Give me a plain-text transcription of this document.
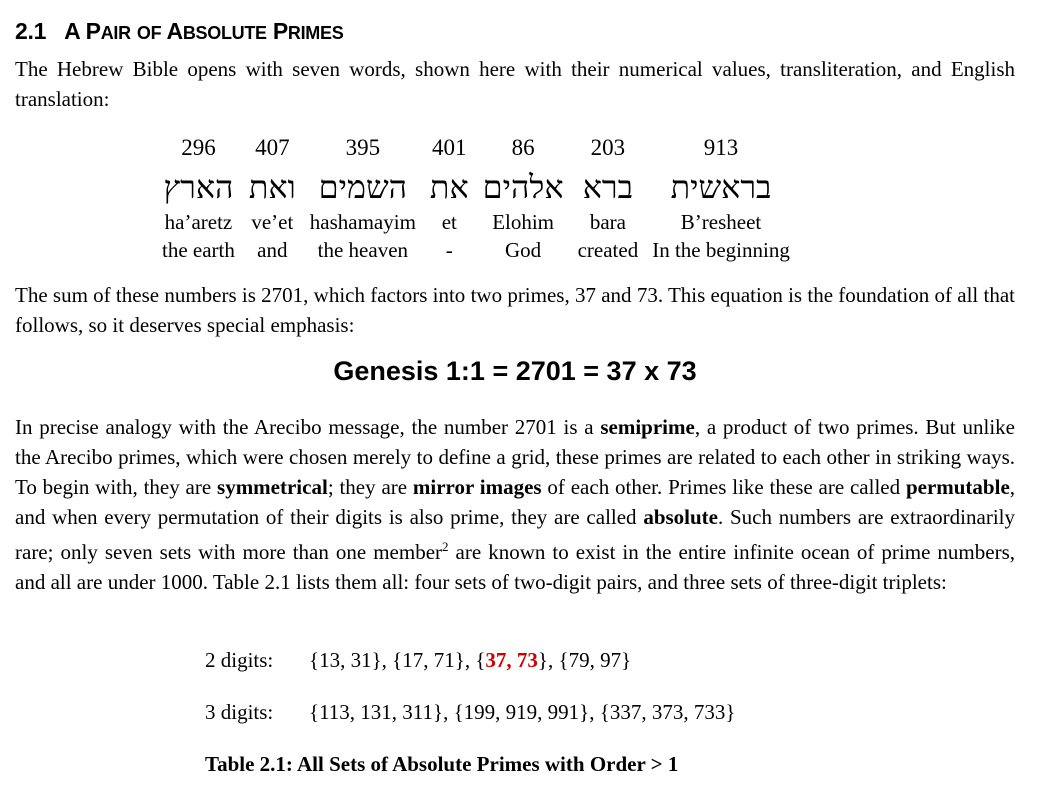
2.1 A PAIR OF ABSOLUTE PRIMES
The Hebrew Bible opens with seven words, shown here with their numerical values, transliteration, and English translation:
296	407	395	401	86	203	913
הארץ	ואת	השמים	את	אלהים	ברא	בראשית
ha’aretz	ve’et	hashamayim	et	Elohim	bara	B’resheet
the earth	and	the heaven	-	God	created	In the beginning
The sum of these numbers is 2701, which factors into two primes, 37 and 73. This equation is the foundation of all that follows, so it deserves special emphasis:
Genesis 1:1 = 2701 = 37 x 73
In precise analogy with the Arecibo message, the number 2701 is a semiprime, a product of two primes. But unlike the Arecibo primes, which were chosen merely to define a grid, these primes are related to each other in striking ways. To begin with, they are symmetrical; they are mirror images of each other. Primes like these are called permutable, and when every permutation of their digits is also prime, they are called absolute. Such numbers are extraordinarily rare; only seven sets with more than one member$^2$ are known to exist in the entire infinite ocean of prime numbers, and all are under 1000. Table 2.1 lists them all: four sets of two-digit pairs, and three sets of three-digit triplets:
2 digits: {13, 31}, {17, 71}, {37, 73}, {79, 97}
3 digits: {113, 131, 311}, {199, 919, 991}, {337, 373, 733}
Table 2.1: All Sets of Absolute Primes with Order > 1
